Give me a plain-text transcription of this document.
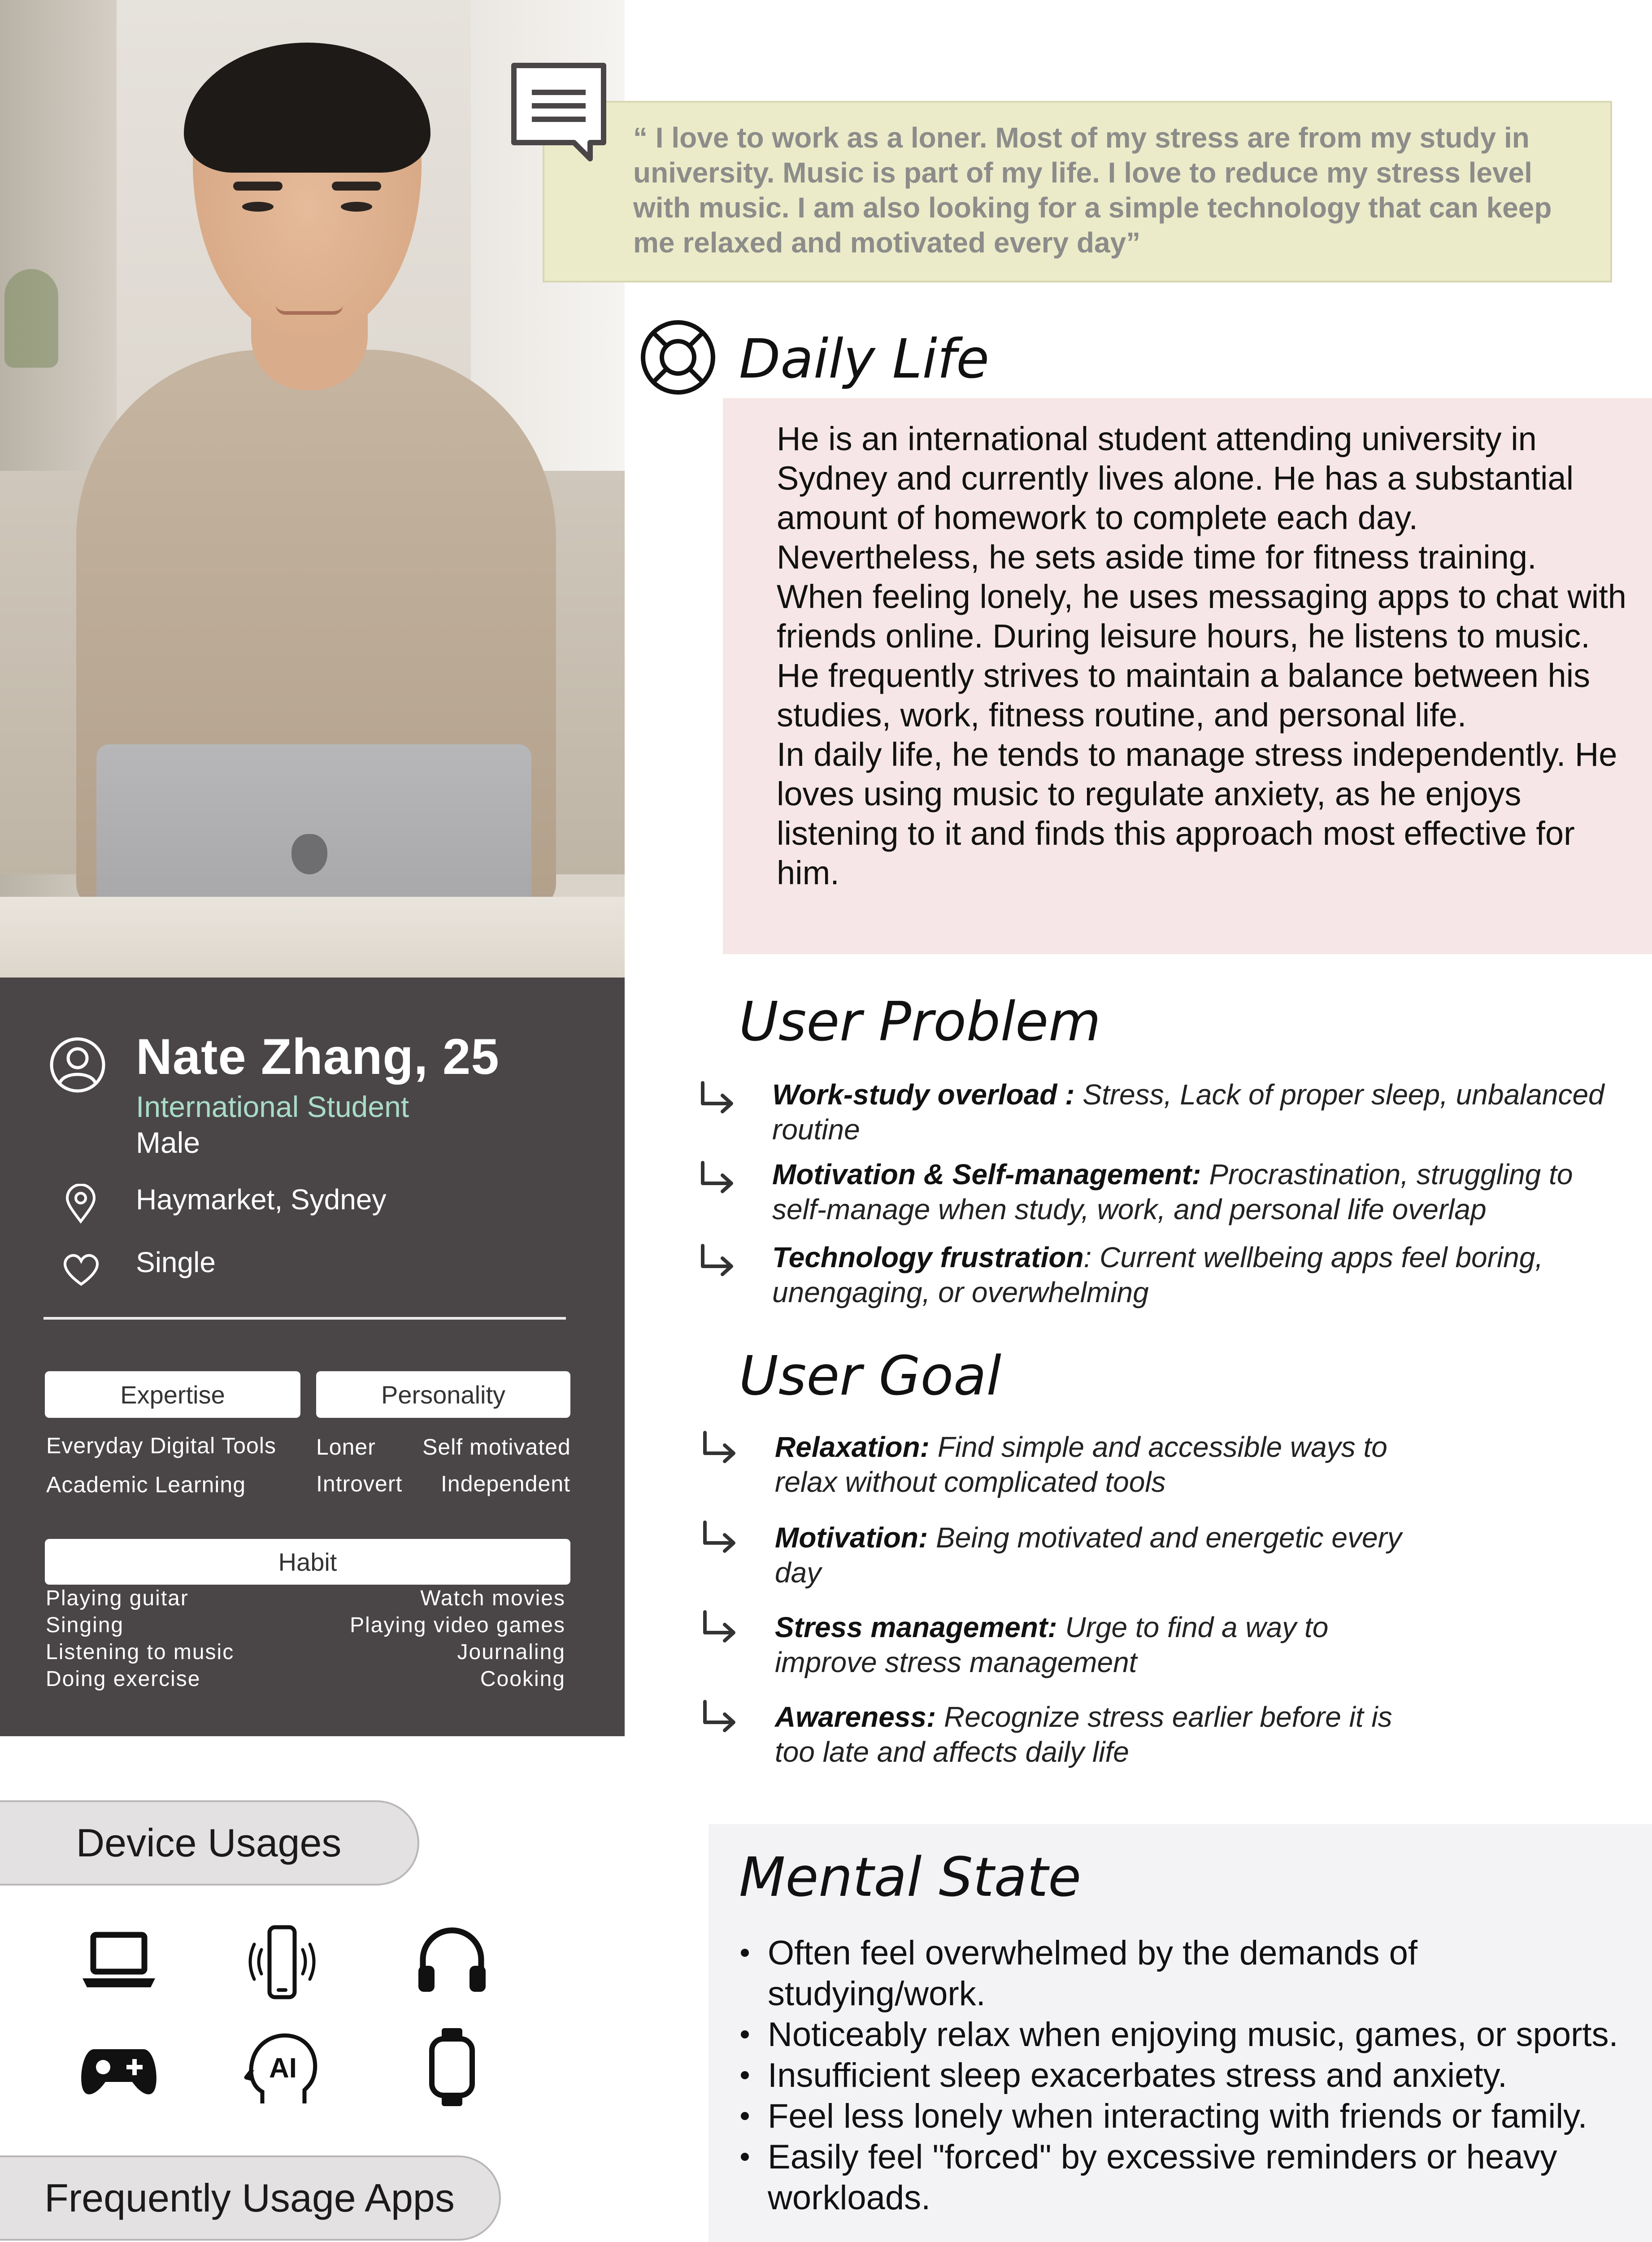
Nate Zhang, 25
International Student
Male
Haymarket, Sydney
Single
Expertise	Personality
Everyday Digital Tools
Academic Learning
Loner Self motivated
Introvert Independent
Habit
Playing guitar
Singing
Listening to music
Doing exercise
Watch movies
Playing video games
Journaling
Cooking
Device Usages
AI
Frequently Usage Apps
“ I love to work as a loner. Most of my stress are from my study in university. Music is part of my life. I love to reduce my stress level with music. I am also looking for a simple technology that can keep me relaxed and motivated every day”
Daily Life
He is an international student attending university in Sydney and currently lives alone. He has a substantial amount of homework to complete each day. Nevertheless, he sets aside time for fitness training. When feeling lonely, he uses messaging apps to chat with friends online. During leisure hours, he listens to music. He frequently strives to maintain a balance between his studies, work, fitness routine, and personal life.
In daily life, he tends to manage stress independently. He loves using music to regulate anxiety, as he enjoys listening to it and finds this approach most effective for him.
User Problem
Work-study overload : Stress, Lack of proper sleep, unbalanced routine
Motivation & Self-management: Procrastination, struggling to self-manage when study, work, and personal life overlap
Technology frustration: Current wellbeing apps feel boring, unengaging, or overwhelming
User Goal
Relaxation: Find simple and accessible ways to relax without complicated tools
Motivation: Being motivated and energetic every day
Stress management: Urge to find a way to improve stress management
Awareness: Recognize stress earlier before it is too late and affects daily life
Mental State
Often feel overwhelmed by the demands of studying/work.
Noticeably relax when enjoying music, games, or sports.
Insufficient sleep exacerbates stress and anxiety.
Feel less lonely when interacting with friends or family.
Easily feel "forced" by excessive reminders or heavy workloads.
